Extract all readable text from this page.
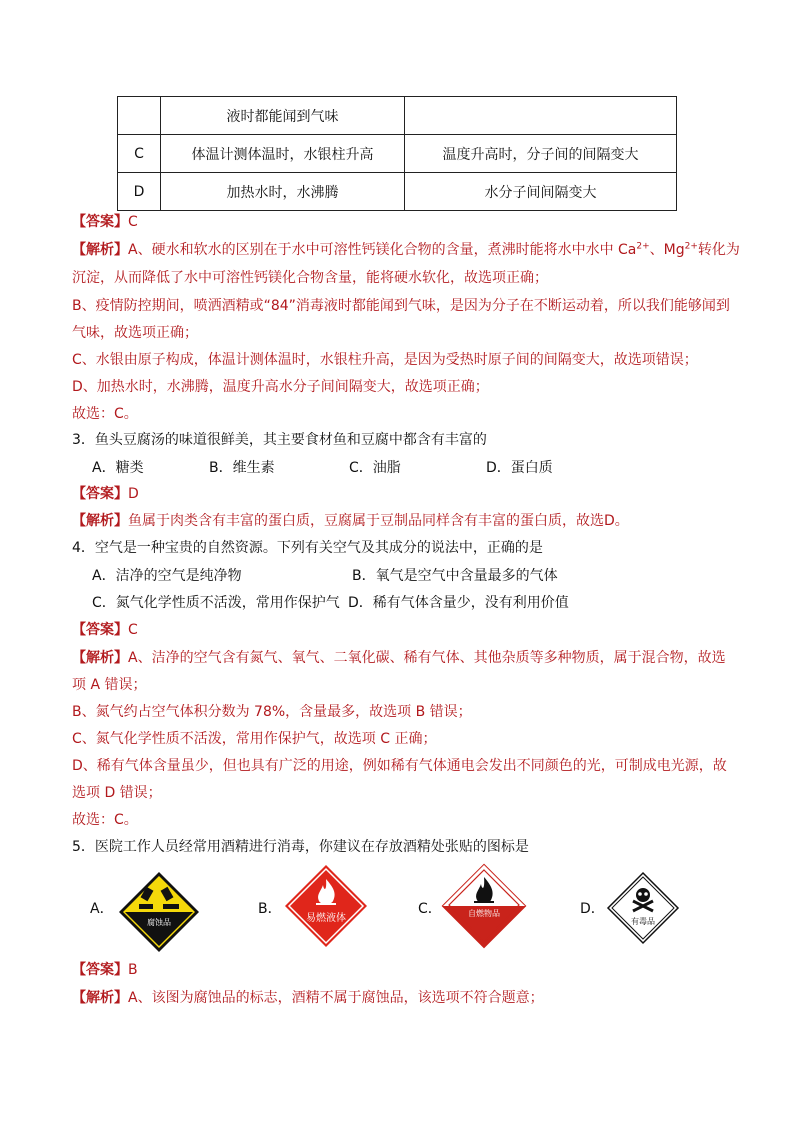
	液时都能闻到气味	
C	体温计测体温时，水银柱升高	温度升高时，分子间的间隔变大
D	加热水时，水沸腾	水分子间间隔变大
【答案】C
【解析】A、硬水和软水的区别在于水中可溶性钙镁化合物的含量，煮沸时能将水中水中 $Ca^{2+}$、$Mg^{2+}$转化为
沉淀，从而降低了水中可溶性钙镁化合物含量，能将硬水软化，故选项正确；
B、疫情防控期间，喷洒酒精或“84”消毒液时都能闻到气味，是因为分子在不断运动着，所以我们能够闻到
气味，故选项正确；
C、水银由原子构成，体温计测体温时，水银柱升高，是因为受热时原子间的间隔变大，故选项错误；
D、加热水时，水沸腾，温度升高水分子间间隔变大，故选项正确；
故选：C。
3．鱼头豆腐汤的味道很鲜美，其主要食材鱼和豆腐中都含有丰富的
A．糖类	B．维生素	C．油脂	D．蛋白质
【答案】D
【解析】鱼属于肉类含有丰富的蛋白质，豆腐属于豆制品同样含有丰富的蛋白质，故选D。
4．空气是一种宝贵的自然资源。下列有关空气及其成分的说法中，正确的是
A．洁净的空气是纯净物	B．氧气是空气中含量最多的气体
C．氮气化学性质不活泼，常用作保护气 D．稀有气体含量少，没有利用价值
【答案】C
【解析】A、洁净的空气含有氮气、氧气、二氧化碳、稀有气体、其他杂质等多种物质，属于混合物，故选
项 A 错误；
B、氮气约占空气体积分数为 78%，含量最多，故选项 B 错误；
C、氮气化学性质不活泼，常用作保护气，故选项 C 正确；
D、稀有气体含量虽少，但也具有广泛的用途，例如稀有气体通电会发出不同颜色的光，可制成电光源，故
选项 D 错误；
故选：C。
5．医院工作人员经常用酒精进行消毒，你建议在存放酒精处张贴的图标是
A．
腐蚀品
B．
易燃液体
C．	自燃物品	D．
有毒品
【答案】B
【解析】A、该图为腐蚀品的标志，酒精不属于腐蚀品，该选项不符合题意；
